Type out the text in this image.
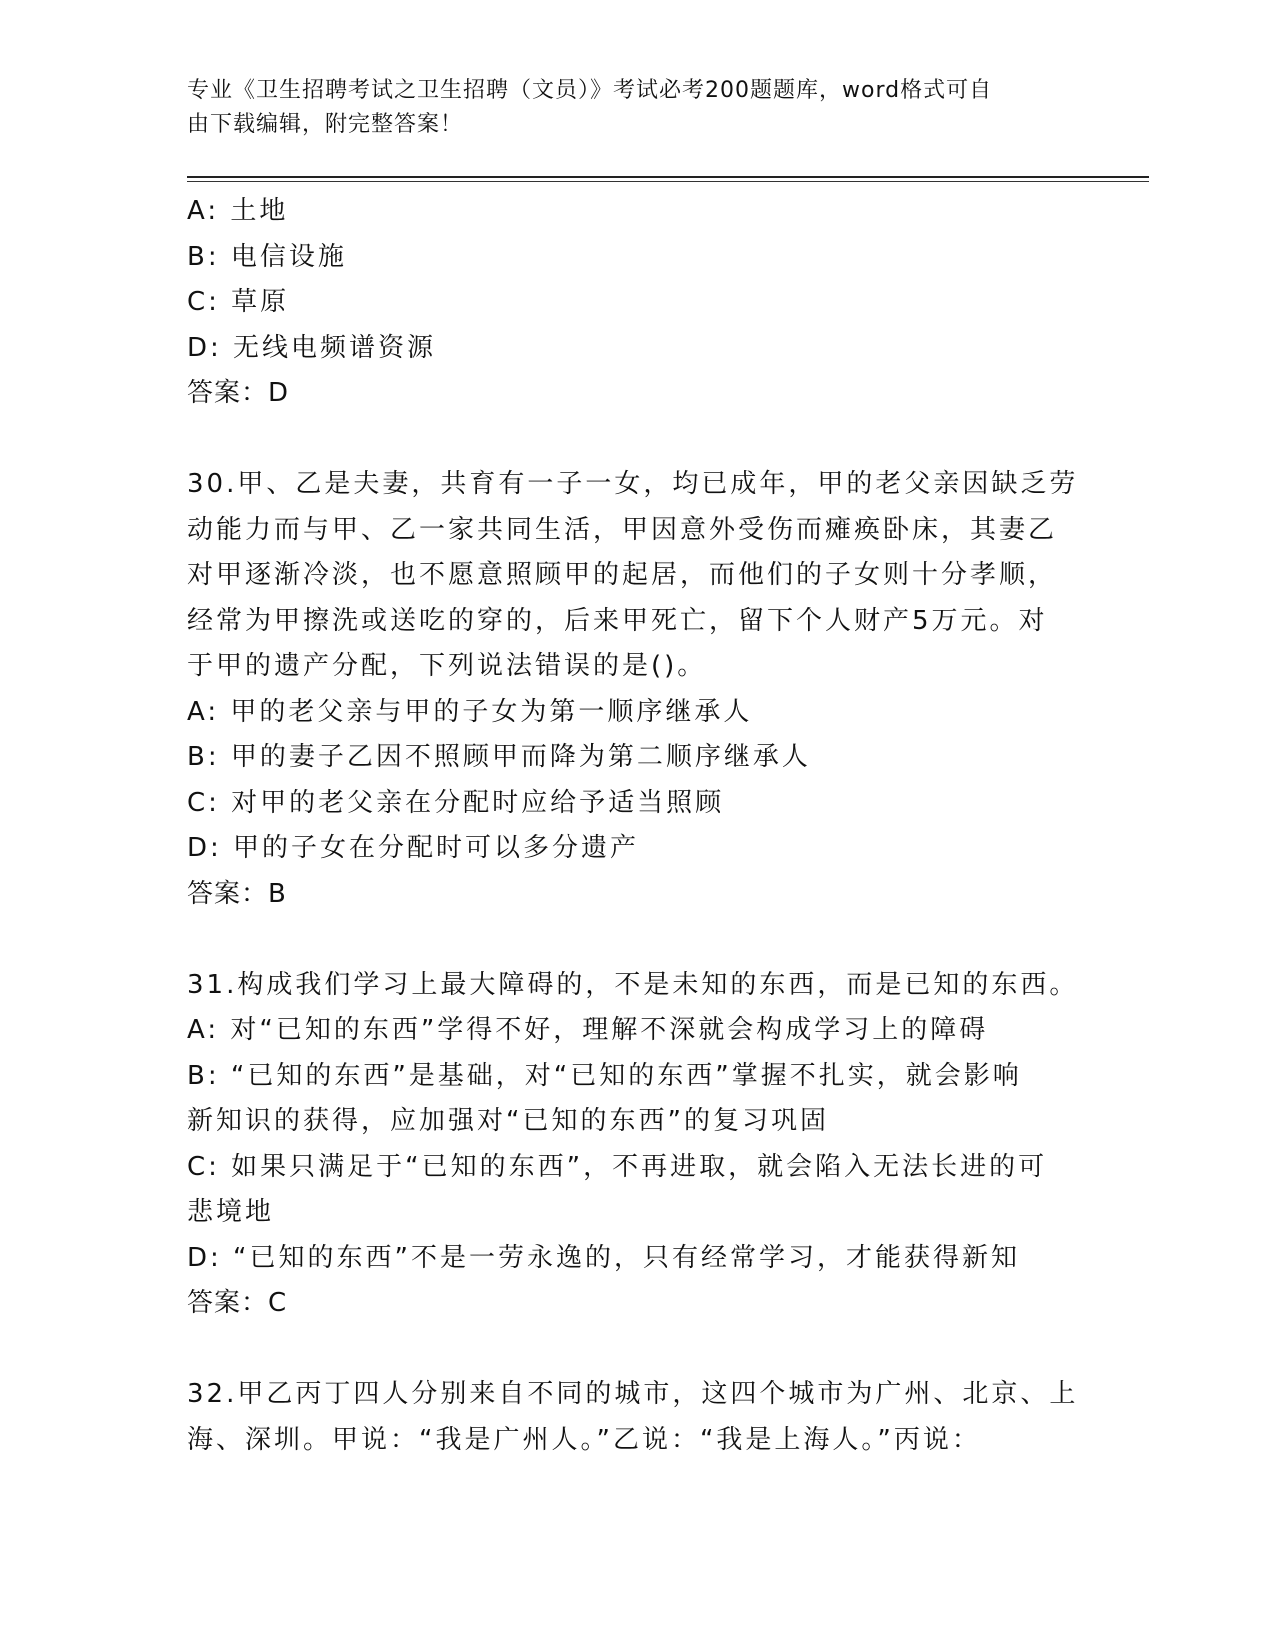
专业《卫生招聘考试之卫生招聘（文员）》考试必考200题题库，word格式可自
由下载编辑，附完整答案！
A: 土地
B: 电信设施
C: 草原
D: 无线电频谱资源
答案：D
30.甲、乙是夫妻，共育有一子一女，均已成年，甲的老父亲因缺乏劳
动能力而与甲、乙一家共同生活，甲因意外受伤而瘫痪卧床，其妻乙
对甲逐渐冷淡，也不愿意照顾甲的起居，而他们的子女则十分孝顺，
经常为甲擦洗或送吃的穿的，后来甲死亡，留下个人财产5万元。对
于甲的遗产分配，下列说法错误的是()。
A: 甲的老父亲与甲的子女为第一顺序继承人
B: 甲的妻子乙因不照顾甲而降为第二顺序继承人
C: 对甲的老父亲在分配时应给予适当照顾
D: 甲的子女在分配时可以多分遗产
答案：B
31.构成我们学习上最大障碍的，不是未知的东西，而是已知的东西。
A: 对“已知的东西”学得不好，理解不深就会构成学习上的障碍
B: “已知的东西”是基础，对“已知的东西”掌握不扎实，就会影响
新知识的获得，应加强对“已知的东西”的复习巩固
C: 如果只满足于“已知的东西”，不再进取，就会陷入无法长进的可
悲境地
D: “已知的东西”不是一劳永逸的，只有经常学习，才能获得新知
答案：C
32.甲乙丙丁四人分别来自不同的城市，这四个城市为广州、北京、上
海、深圳。甲说：“我是广州人。”乙说：“我是上海人。”丙说：
